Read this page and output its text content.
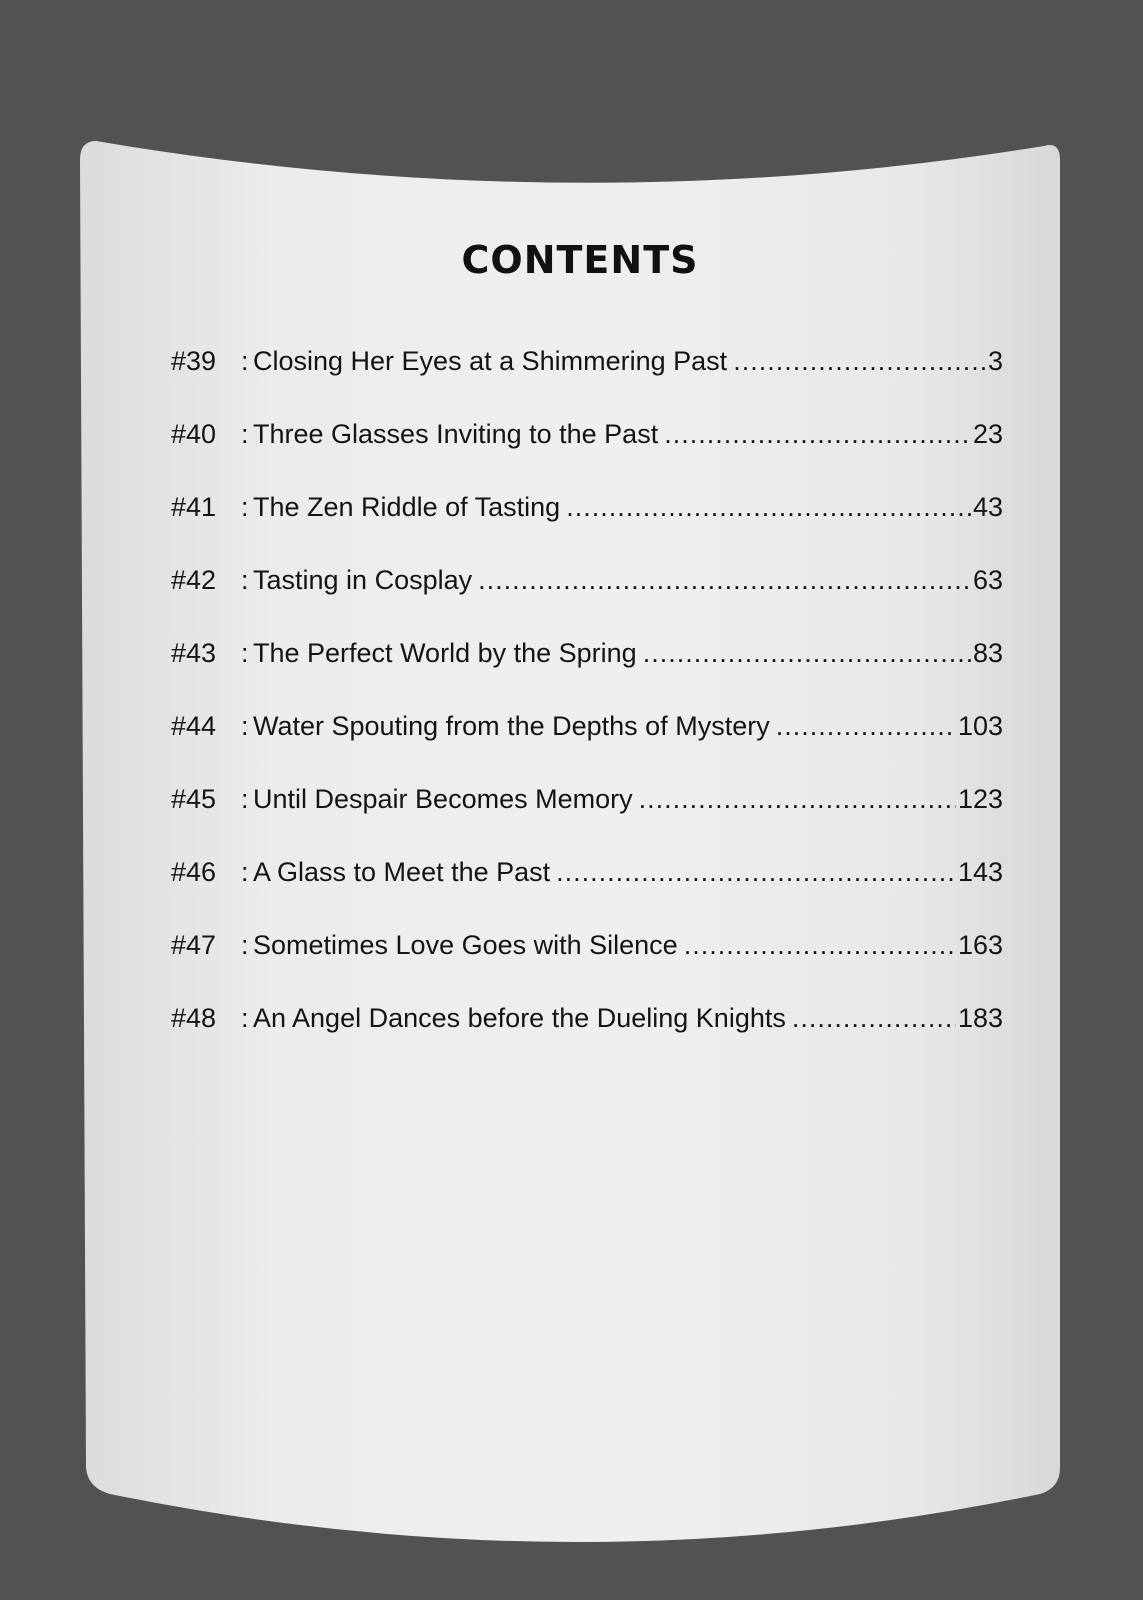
CONTENTS
#39 : Closing Her Eyes at a Shimmering Past .....	3
#40 : Three Glasses Inviting to the Past .....	23
#41 : The Zen Riddle of Tasting .....	43
#42 : Tasting in Cosplay .....	63
#43 : The Perfect World by the Spring .....	83
#44 : Water Spouting from the Depths of Mystery .....	103
#45 : Until Despair Becomes Memory .....	123
#46 : A Glass to Meet the Past .....	143
#47 : Sometimes Love Goes with Silence .....	163
#48 : An Angel Dances before the Dueling Knights .....	183
